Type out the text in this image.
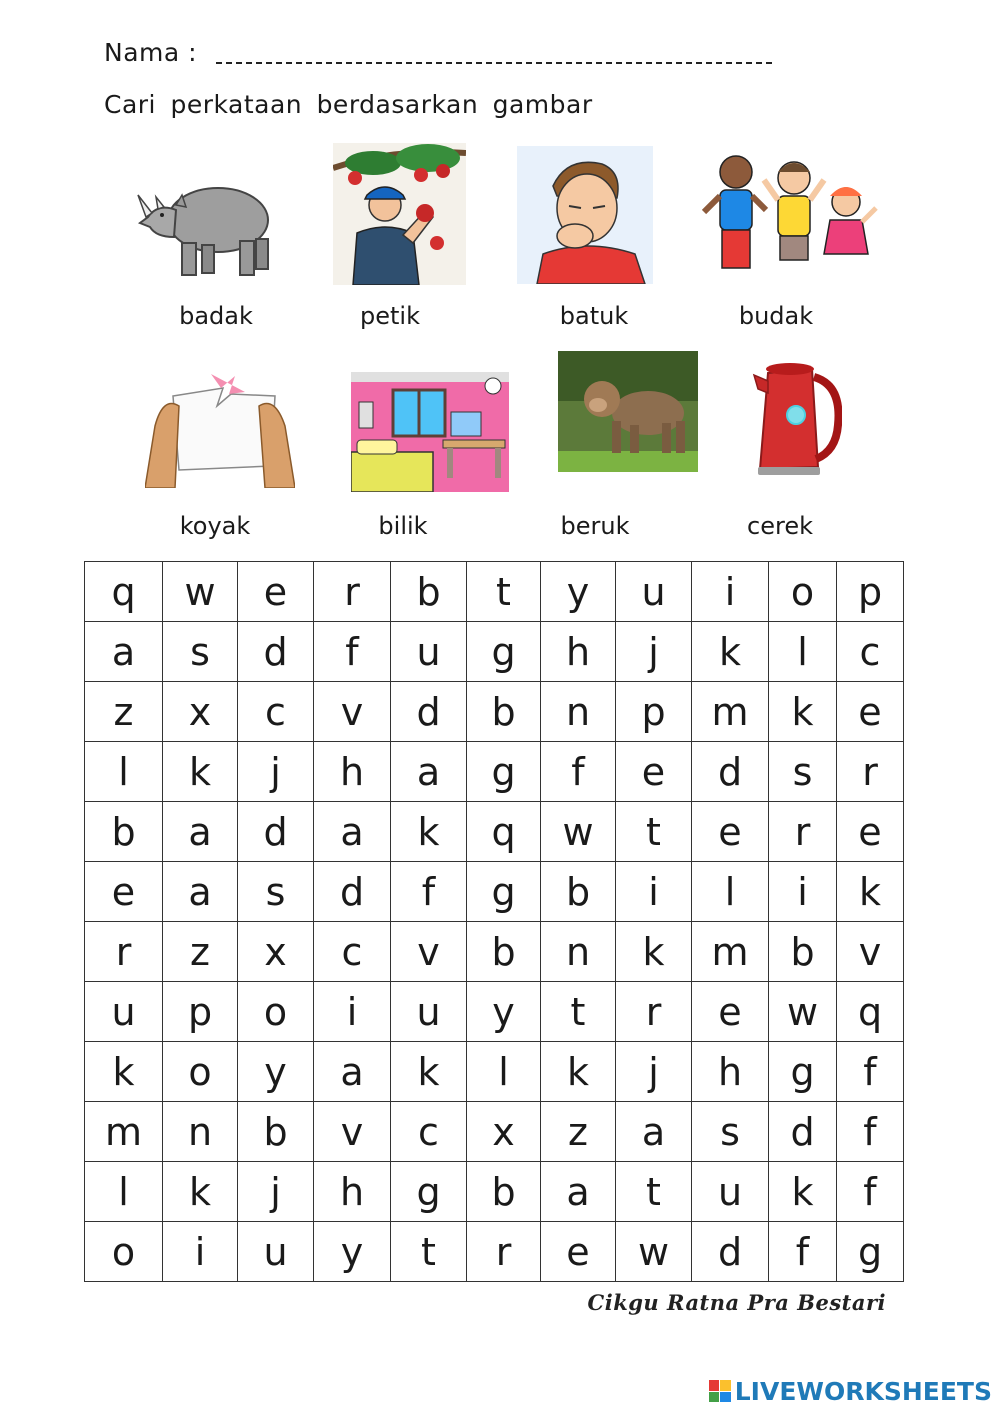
Nama :
Cari perkataan berdasarkan gambar
badak	petik	batuk	budak
koyak	bilik	beruk	cerek
q	w	e	r	b	t	y	u	i	o	p
a	s	d	f	u	g	h	j	k	l	c
z	x	c	v	d	b	n	p	m	k	e
l	k	j	h	a	g	f	e	d	s	r
b	a	d	a	k	q	w	t	e	r	e
e	a	s	d	f	g	b	i	l	i	k
r	z	x	c	v	b	n	k	m	b	v
u	p	o	i	u	y	t	r	e	w	q
k	o	y	a	k	l	k	j	h	g	f
m	n	b	v	c	x	z	a	s	d	f
l	k	j	h	g	b	a	t	u	k	f
o	i	u	y	t	r	e	w	d	f	g
Cikgu Ratna Pra Bestari
LIVEWORKSHEETS
